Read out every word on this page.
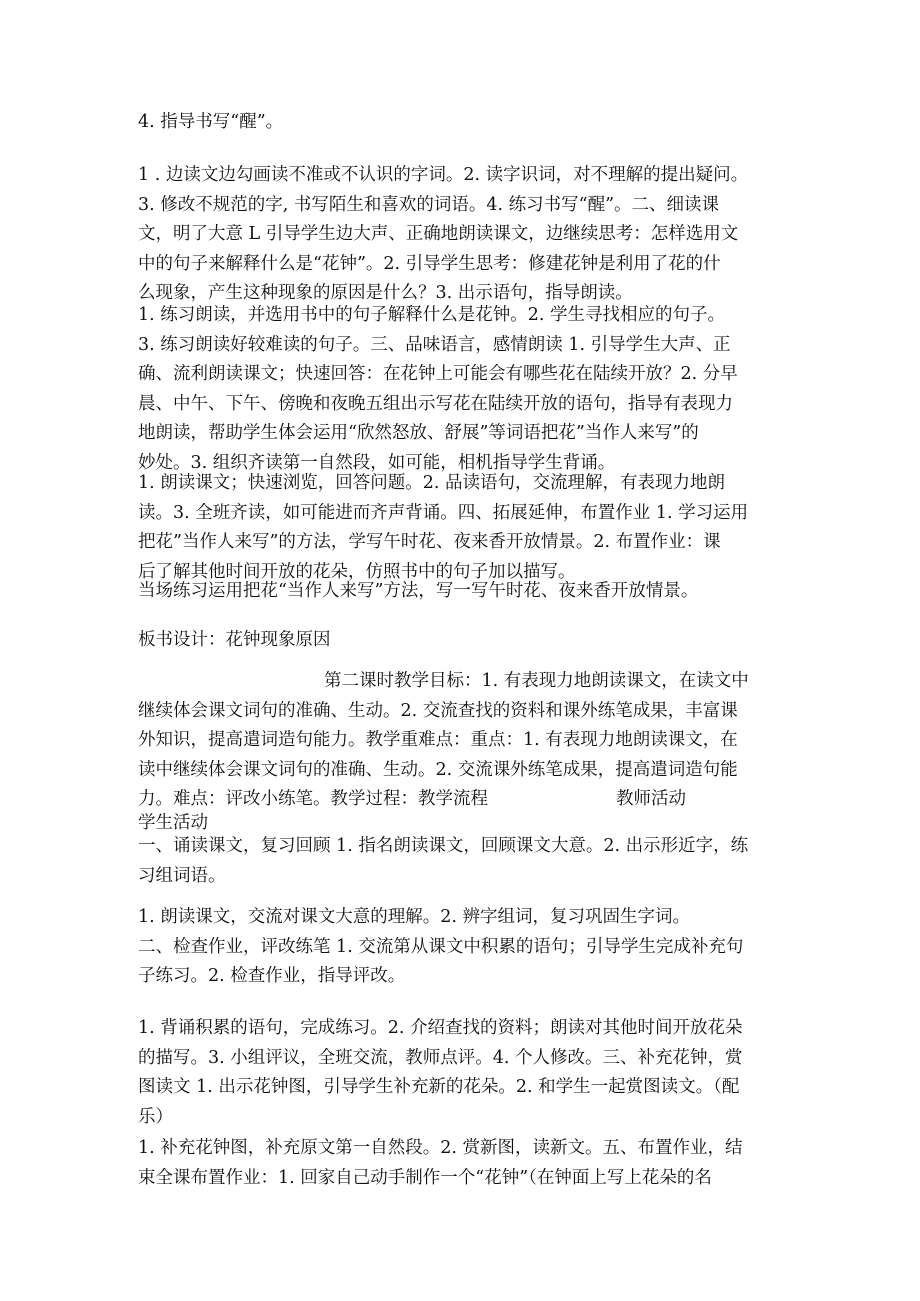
4. 指导书写“醒”。

1 . 边读文边勾画读不准或不认识的字词。2. 读字识词，对不理解的提出疑问。
3. 修改不规范的字, 书写陌生和喜欢的词语。4. 练习书写“醒”。二、细读课
文，明了大意 L 引导学生边大声、正确地朗读课文，边继续思考：怎样选用文
中的句子来解释什么是“花钟”。2. 引导学生思考：修建花钟是利用了花的什
么现象，产生这种现象的原因是什么？3. 出示语句，指导朗读。

1. 练习朗读，并选用书中的句子解释什么是花钟。2. 学生寻找相应的句子。
3. 练习朗读好较难读的句子。三、品味语言，感情朗读 1. 引导学生大声、正
确、流利朗读课文；快速回答：在花钟上可能会有哪些花在陆续开放？2. 分早
晨、中午、下午、傍晚和夜晚五组出示写花在陆续开放的语句，指导有表现力
地朗读，帮助学生体会运用“欣然怒放、舒展”等词语把花”当作人来写”的
妙处。3. 组织齐读第一自然段，如可能，相机指导学生背诵。

1. 朗读课文；快速浏览，回答问题。2. 品读语句，交流理解，有表现力地朗
读。3. 全班齐读，如可能进而齐声背诵。四、拓展延伸，布置作业 1. 学习运用
把花”当作人来写”的方法，学写午时花、夜来香开放情景。2. 布置作业：课
后了解其他时间开放的花朵，仿照书中的句子加以描写。

当场练习运用把花“当作人来写”方法，写一写午时花、夜来香开放情景。

板书设计：花钟现象原因

第二课时教学目标：1. 有表现力地朗读课文，在读文中
继续体会课文词句的准确、生动。2. 交流查找的资料和课外练笔成果，丰富课
外知识，提高遣词造句能力。教学重难点：重点：1. 有表现力地朗读课文，在
读中继续体会课文词句的准确、生动。2. 交流课外练笔成果，提高遣词造句能
力。难点：评改小练笔。教学过程：教学流程	教师活动
学生活动

一、诵读课文，复习回顾 1. 指名朗读课文，回顾课文大意。2. 出示形近字，练
习组词语。

1. 朗读课文，交流对课文大意的理解。2. 辨字组词，复习巩固生字词。
二、检查作业，评改练笔 1. 交流第从课文中积累的语句；引导学生完成补充句
子练习。2. 检查作业，指导评改。

1. 背诵积累的语句，完成练习。2. 介绍查找的资料；朗读对其他时间开放花朵
的描写。3. 小组评议，全班交流，教师点评。4. 个人修改。三、补充花钟，赏
图读文 1. 出示花钟图，引导学生补充新的花朵。2. 和学生一起赏图读文。（配
乐）

1. 补充花钟图，补充原文第一自然段。2. 赏新图，读新文。五、布置作业，结
束全课布置作业：1. 回家自己动手制作一个“花钟”（在钟面上写上花朵的名
